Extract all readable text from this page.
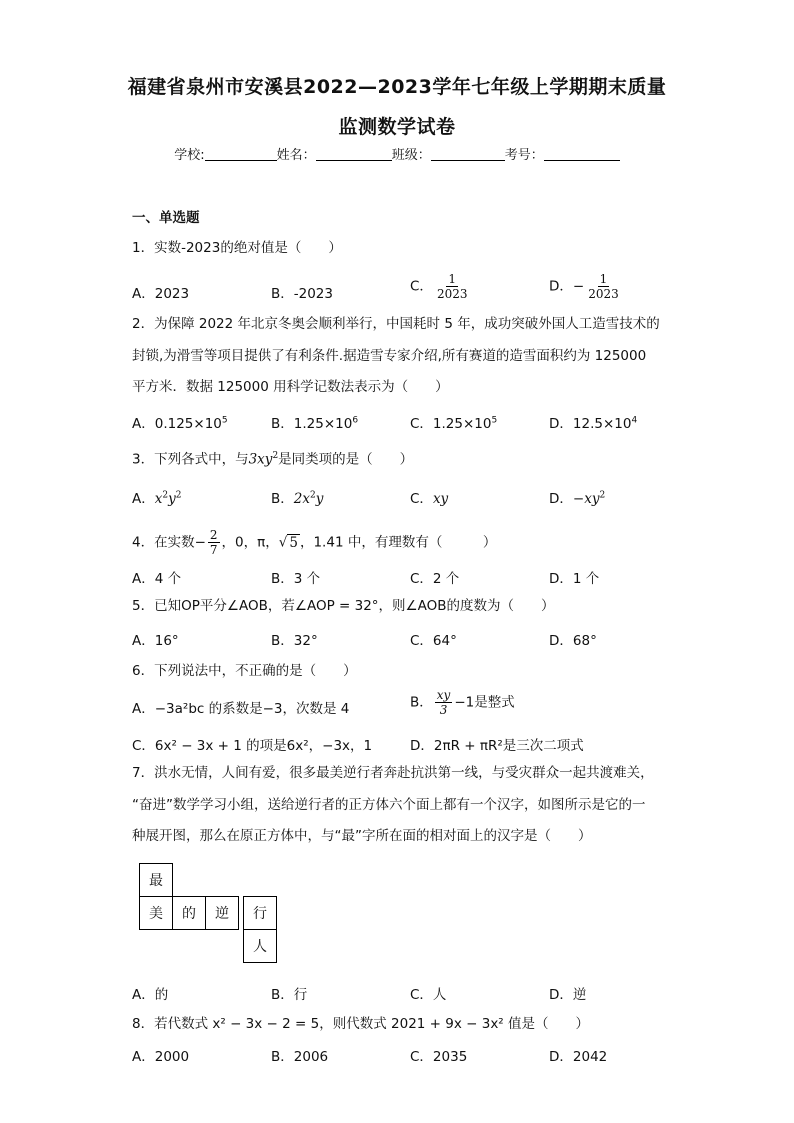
福建省泉州市安溪县2022—2023学年七年级上学期期末质量
监测数学试卷
学校:	姓名：	班级：	考号：
一、单选题
1．实数-2023的绝对值是（　　）
A．2023	B．-2023	C． $\frac{1}{2023}$	D．− $\frac{1}{2023}$
2．为保障 2022 年北京冬奥会顺利举行，中国耗时 5 年，成功突破外国人工造雪技术的
封锁,为滑雪等项目提供了有利条件.据造雪专家介绍,所有赛道的造雪面积约为 125000
平方米．数据 125000 用科学记数法表示为（　　）
A．$0.125\times 10^5$	B．$1.25\times 10^6$	C．$1.25\times 10^5$	D．$12.5\times 10^4$
3．下列各式中，与$3xy^2$是同类项的是（　　）
A．$x^2y^2$	B．$2x^2y$	C．xy	D．$-xy^2$
4．在实数− $\frac{2}{7}$ ，0，π，√ 5 ，1.41 中，有理数有（　　　）
A．4 个	B．3 个	C．2 个	D．1 个
5．已知OP平分∠AOB，若∠AOP = 32°，则∠AOB的度数为（　　）
A．16°	B．32°	C．64°	D．68°
6．下列说法中，不正确的是（　　）
A．−3a²bc 的系数是−3，次数是 4	B． $\frac{xy}{3} -1$是整式
C．6x² − 3x + 1 的项是6x²，−3x，1	D．2πR + πR²是三次二项式
7．洪水无情，人间有爱，很多最美逆行者奔赴抗洪第一线，与受灾群众一起共渡难关，
“奋进”数学学习小组，送给逆行者的正方体六个面上都有一个汉字，如图所示是它的一
种展开图，那么在原正方体中，与“最”字所在面的相对面上的汉字是（　　）
最
美	的	逆	行
人
A．的	B．行	C．人	D．逆
8．若代数式 x² − 3x − 2 = 5，则代数式 2021 + 9x − 3x² 值是（　　）
A．2000	B．2006	C．2035	D．2042
